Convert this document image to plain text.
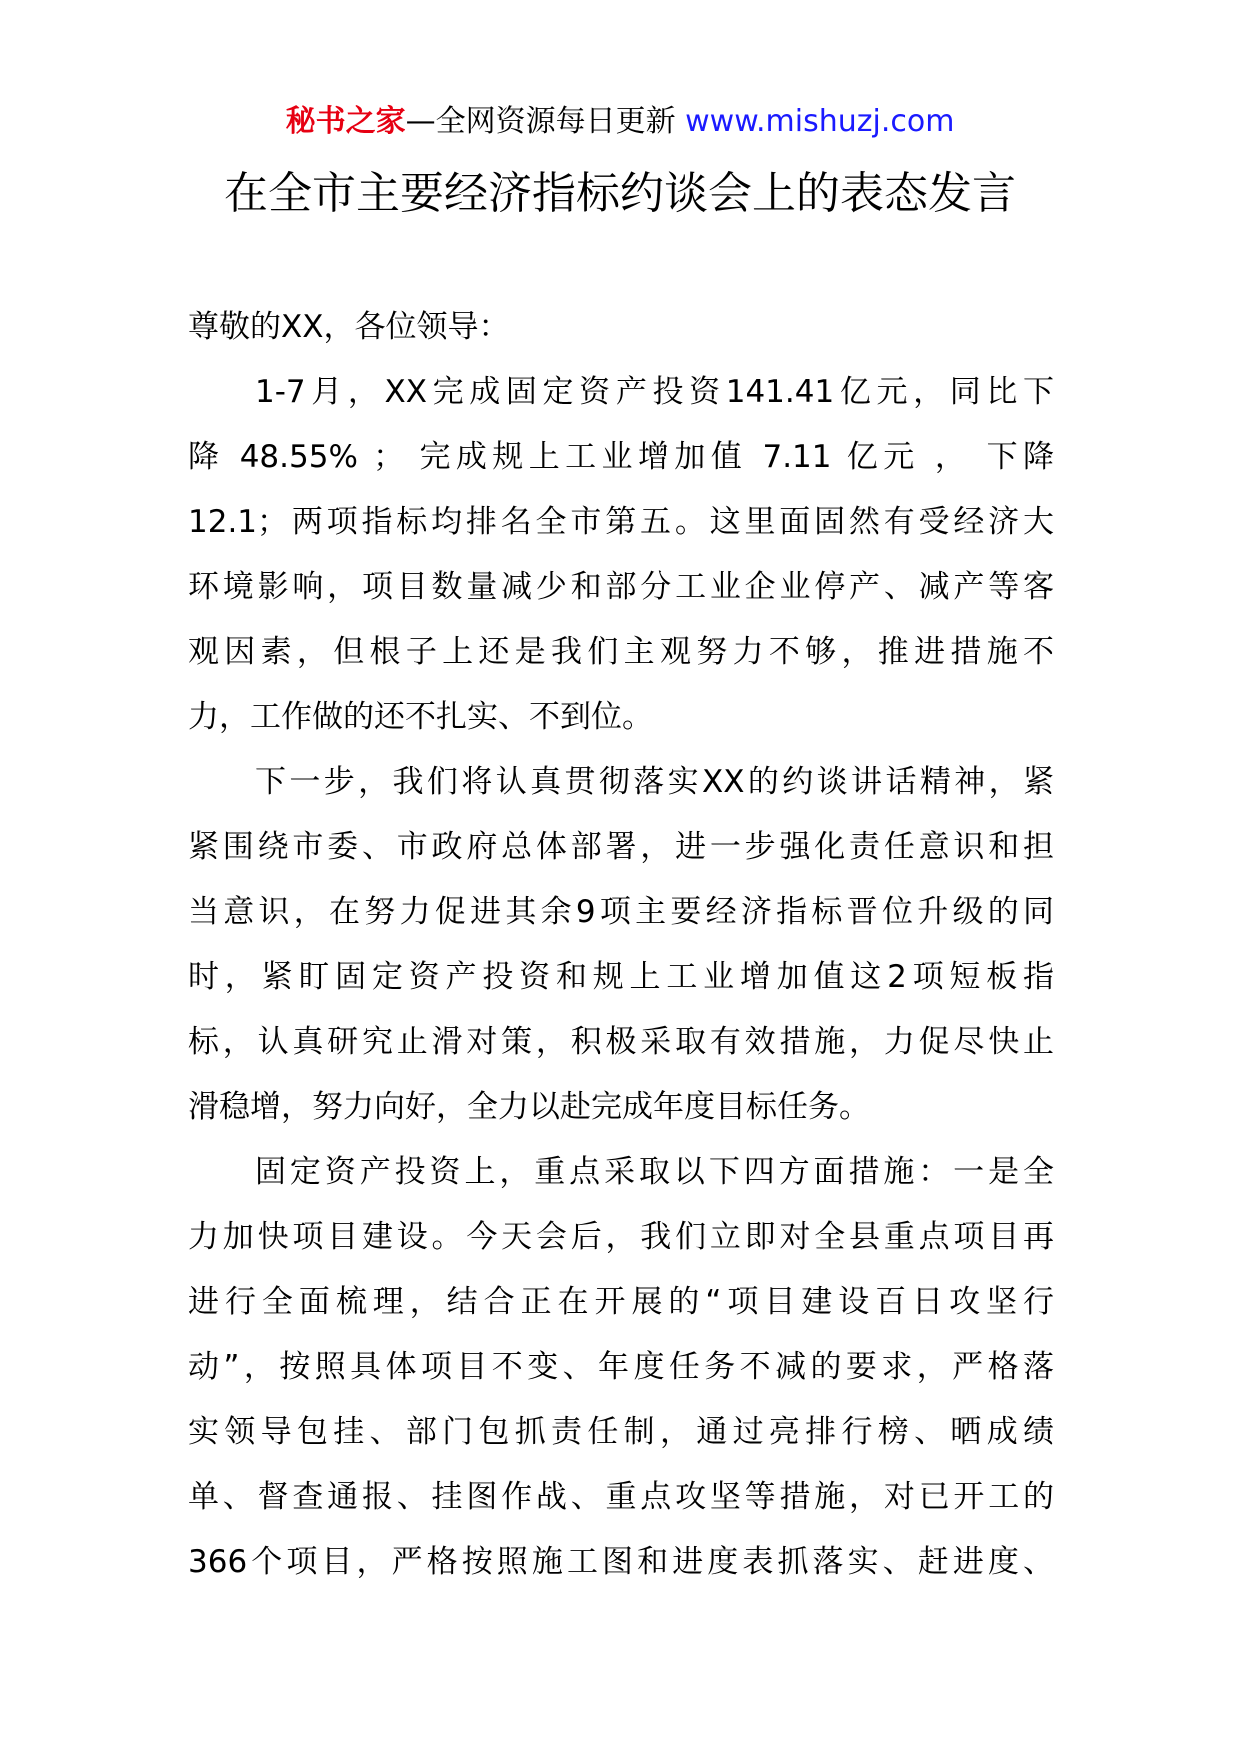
秘书之家—全网资源每日更新 www.mishuzj.com
在全市主要经济指标约谈会上的表态发言
尊敬的XX，各位领导：
1-7月，XX完成固定资产投资141.41亿元，同比下
降 48.55% ； 完成规上工业增加值 7.11 亿元 ， 下降
12.1；两项指标均排名全市第五。这里面固然有受经济大
环境影响，项目数量减少和部分工业企业停产、减产等客
观因素，但根子上还是我们主观努力不够，推进措施不
力，工作做的还不扎实、不到位。
下一步，我们将认真贯彻落实XX的约谈讲话精神，紧
紧围绕市委、市政府总体部署，进一步强化责任意识和担
当意识，在努力促进其余9项主要经济指标晋位升级的同
时，紧盯固定资产投资和规上工业增加值这2项短板指
标，认真研究止滑对策，积极采取有效措施，力促尽快止
滑稳增，努力向好，全力以赴完成年度目标任务。
固定资产投资上，重点采取以下四方面措施：一是全
力加快项目建设。今天会后，我们立即对全县重点项目再
进行全面梳理，结合正在开展的“项目建设百日攻坚行
动”，按照具体项目不变、年度任务不减的要求，严格落
实领导包挂、部门包抓责任制，通过亮排行榜、晒成绩
单、督查通报、挂图作战、重点攻坚等措施，对已开工的
366个项目，严格按照施工图和进度表抓落实、赶进度、
